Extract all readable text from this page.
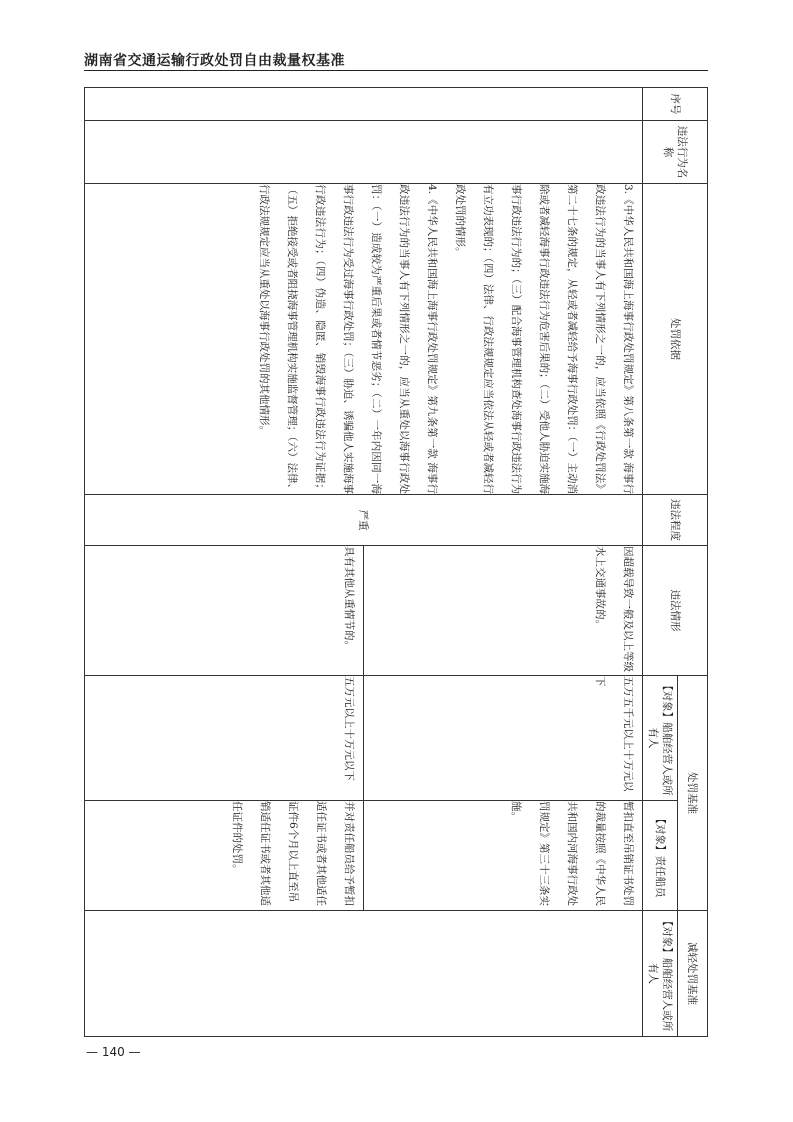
湖南省交通运输行政处罚自由裁量权基准
序号	违法行为名称	处罚依据	违法程度	违法情形	处罚基准		减轻处罚基准
					【对象】船舶经营人或所有人	【对象】责任船员	【对象】船舶经营人或所有人

		3.《中华人民共和国海上海事行政处罚规定》第八条第一款 海事行政违法行为的当事人有下列情形之一的，应当依照《行政处罚法》第二十七条的规定，从轻或者减轻给予海事行政处罚：（一）主动消除或者减轻海事行政违法行为危害后果的；（二）受他人胁迫实施海事行政违法行为的；（三）配合海事管理机构查处海事行政违法行为有立功表现的；（四）法律、行政法规规定应当依法从轻或者减轻行政处罚的情形。
4.《中华人民共和国海上海事行政处罚规定》第九条第一款 海事行政违法行为的当事人有下列情形之一的，应当从重处以海事行政处罚：（一）造成较为严重后果或者情节恶劣；（二）一年内因同一海事行政违法行为受过海事行政处罚；（三）胁迫、诱骗他人实施海事行政违法行为；（四）伪造、隐匿、销毁海事行政违法行为证据；（五）拒绝接受或者阻挠海事管理机构实施监督管理；（六）法律、行政法规规定应当从重处以海事行政处罚的其他情形。	严重	因超载导致一般及以上等级水上交通事故的。	五万五千元以上十万元以下	暂扣直至吊销证书处罚的裁量按照《中华人民共和国内河海事行政处罚规定》第三十三条实施。	
				具有其他从重情节的。	五万元以上十万元以下	并对责任船员给予暂扣适任证书或者其他适任证件6个月以上直至吊销适任证书或者其他适任证件的处罚。	
— 140 —
